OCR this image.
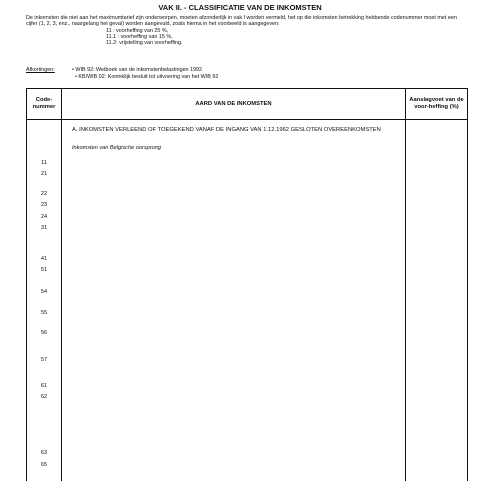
VAK II. - CLASSIFICATIE VAN DE INKOMSTEN
De inkomsten die niet aan het maximumtarief zijn onderworpen, moeten afzonderlijk in vak I worden vermeld, het op die inkomsten betrekking hebbende codenummer moet met een cijfer (1, 2, 3, enz., naargelang het geval) worden aangevuld, zoals hierna in het voorbeeld is aangegeven:
11 : voorheffing van 25 %,
11.1 : voorheffing van 15 %,
11.2: vrijstelling van voorheffing.
Afkortingen:	• WIB 92: Wetboek van de inkomstenbelastingen 1992
• KB/WIB 92: Koninklijk besluit tot uitvoering van het WIB 92
Code-nummer
AARD VAN DE INKOMSTEN
Aanslagvoet van de voor-heffing (%)
A. INKOMSTEN VERLEEND OF TOEGEKEND VANAF DE INGANG VAN 1.12.1962 GESLOTEN OVEREENKOMSTEN
Inkomsten van Belgische oorsprong
11
21
22
23
24
31
41
51
54
55
56
57
61
62
63
65
